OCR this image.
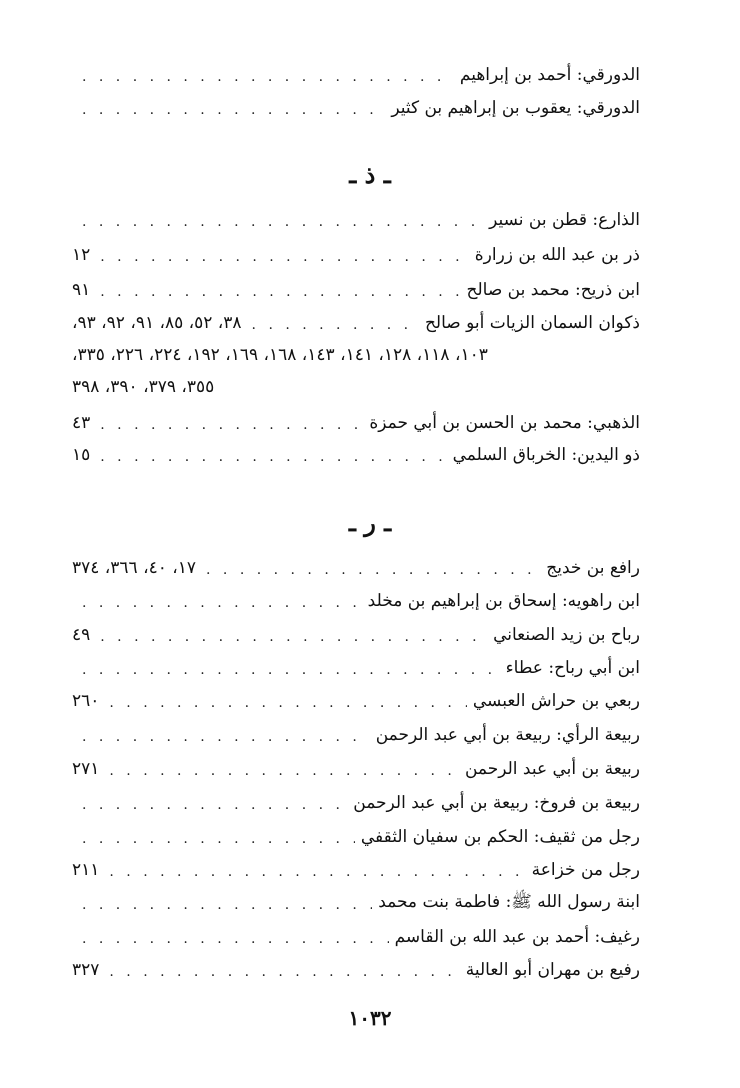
الدورقي: أحمد بن إبراهيم
. . .
الدورقي: يعقوب بن إبراهيم بن كثير
. . .
ـ ذ ـ
الذارع: قطن بن نسير
. . .
ذر بن عبد الله بن زرارة
. . .
١٢
ابن ذريح: محمد بن صالح
. . .
٩١
ذكوان السمان الزيات أبو صالح
. . .
٣٨، ٥٢، ٨٥، ٩١، ٩٢، ٩٣،
١٠٣، ١١٨، ١٢٨، ١٤١، ١٤٣، ١٦٨، ١٦٩، ١٩٢، ٢٢٤، ٢٢٦، ٣٣٥،
٣٥٥، ٣٧٩، ٣٩٠، ٣٩٨
الذهبي: محمد بن الحسن بن أبي حمزة
. . .
٤٣
ذو اليدين: الخرباق السلمي
. . .
١٥
ـ ر ـ
رافع بن خديج
. . .
١٧، ٤٠، ٣٦٦، ٣٧٤
ابن راهويه: إسحاق بن إبراهيم بن مخلد
. . .
رباح بن زيد الصنعاني
. . .
٤٩
ابن أبي رباح: عطاء
. . .
ربعي بن حراش العبسي
. . .
٢٦٠
ربيعة الرأي: ربيعة بن أبي عبد الرحمن
. . .
ربيعة بن أبي عبد الرحمن
. . .
٢٧١
ربيعة بن فروخ: ربيعة بن أبي عبد الرحمن
. . .
رجل من ثقيف: الحكم بن سفيان الثقفي
. . .
رجل من خزاعة
. . .
٢١١
ابنة رسول الله ﷺ: فاطمة بنت محمد
. . .
رغيف: أحمد بن عبد الله بن القاسم
. . .
رفيع بن مهران أبو العالية
. . .
٣٢٧
١٠٣٢
